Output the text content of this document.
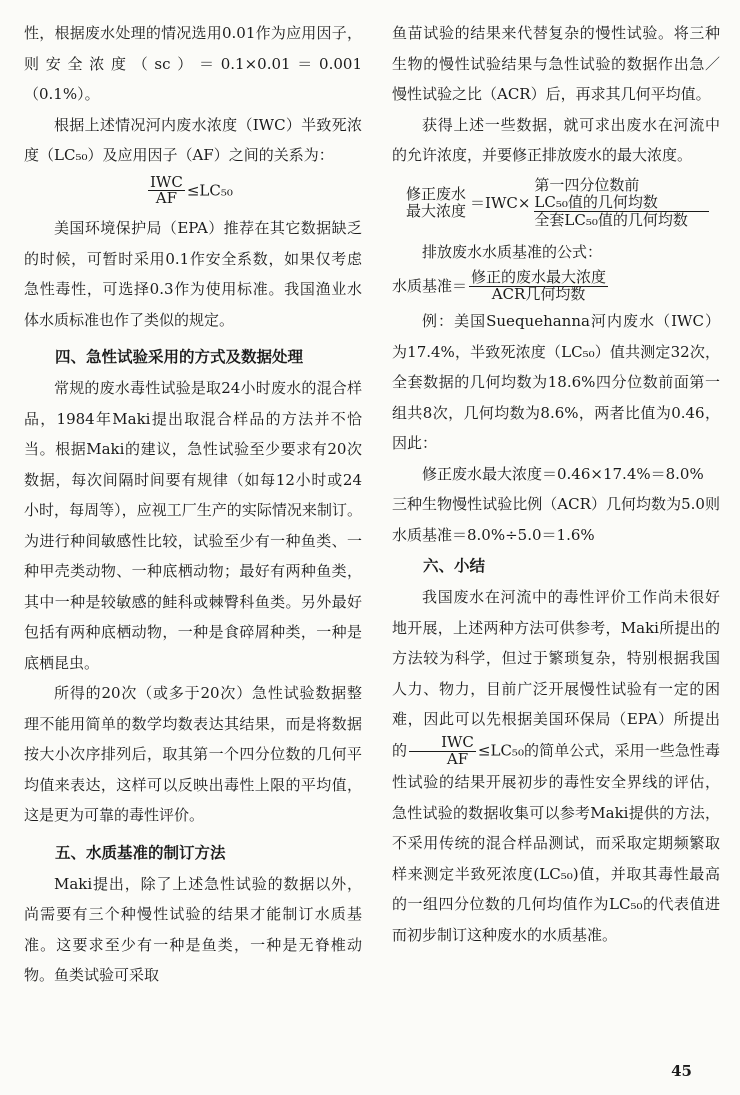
性，根据废水处理的情况选用0.01作为应用因子，则安全浓度（sc）＝0.1×0.01＝0.001（0.1%）。

根据上述情况河内废水浓度（IWC）半致死浓度（LC₅₀）及应用因子（AF）之间的关系为：

$\frac{\text{IWC}}{AF} \le LC_{50}$

美国环境保护局（EPA）推荐在其它数据缺乏的时候，可暂时采用0.1作安全系数，如果仅考虑急性毒性，可选择0.3作为使用标准。我国渔业水体水质标准也作了类似的规定。

四、急性试验采用的方式及数据处理

常规的废水毒性试验是取24小时废水的混合样品，1984年Maki提出取混合样品的方法并不恰当。根据Maki的建议，急性试验至少要求有20次数据，每次间隔时间要有规律（如每12小时或24小时，每周等），应视工厂生产的实际情况来制订。为进行种间敏感性比较，试验至少有一种鱼类、一种甲壳类动物、一种底栖动物；最好有两种鱼类，其中一种是较敏感的鲑科或棘臀科鱼类。另外最好包括有两种底栖动物，一种是食碎屑种类，一种是底栖昆虫。

所得的20次（或多于20次）急性试验数据整理不能用简单的数学均数表达其结果，而是将数据按大小次序排列后，取其第一个四分位数的几何平均值来表达，这样可以反映出毒性上限的平均值，这是更为可靠的毒性评价。

五、水质基准的制订方法

Maki提出，除了上述急性试验的数据以外，尚需要有三个种慢性试验的结果才能制订水质基准。这要求至少有一种是鱼类，一种是无脊椎动物。鱼类试验可采取

鱼苗试验的结果来代替复杂的慢性试验。将三种生物的慢性试验结果与急性试验的数据作出急／慢性试验之比（ACR）后，再求其几何平均值。

获得上述一些数据，就可求出废水在河流中的允许浓度，并要修正排放废水的最大浓度。

修正废水
最大浓度 ＝IWC×
第一四分位数前
LC₅₀值的几何均数
全套LC₅₀值的几何均数

排放废水水质基准的公式：

水质基准＝ $\frac{\text{修正的废水最大浓度}}{\text{ACR几何均数}}$

例：美国Suequehanna河内废水（IWC）为17.4%，半致死浓度（LC₅₀）值共测定32次，全套数据的几何均数为18.6%四分位数前面第一组共8次，几何均数为8.6%，两者比值为0.46，因此：

修正废水最大浓度＝0.46×17.4%＝8.0%

三种生物慢性试验比例（ACR）几何均数为5.0则水质基准＝8.0%÷5.0＝1.6%

六、小结

我国废水在河流中的毒性评价工作尚未很好地开展，上述两种方法可供参考，Maki所提出的方法较为科学，但过于繁琐复杂，特别根据我国人力、物力，目前广泛开展慢性试验有一定的困难，因此可以先根据美国环保局（EPA）所提出的 $\frac{\text{IWC}}{AF} \le LC_{50}$的简单公式，采用一些急性毒性试验的结果开展初步的毒性安全界线的评估，急性试验的数据收集可以参考Maki提供的方法，不采用传统的混合样品测试，而采取定期频繁取样来测定半致死浓度(LC₅₀)值，并取其毒性最高的一组四分位数的几何均值作为LC₅₀的代表值进而初步制订这种废水的水质基准。

45
